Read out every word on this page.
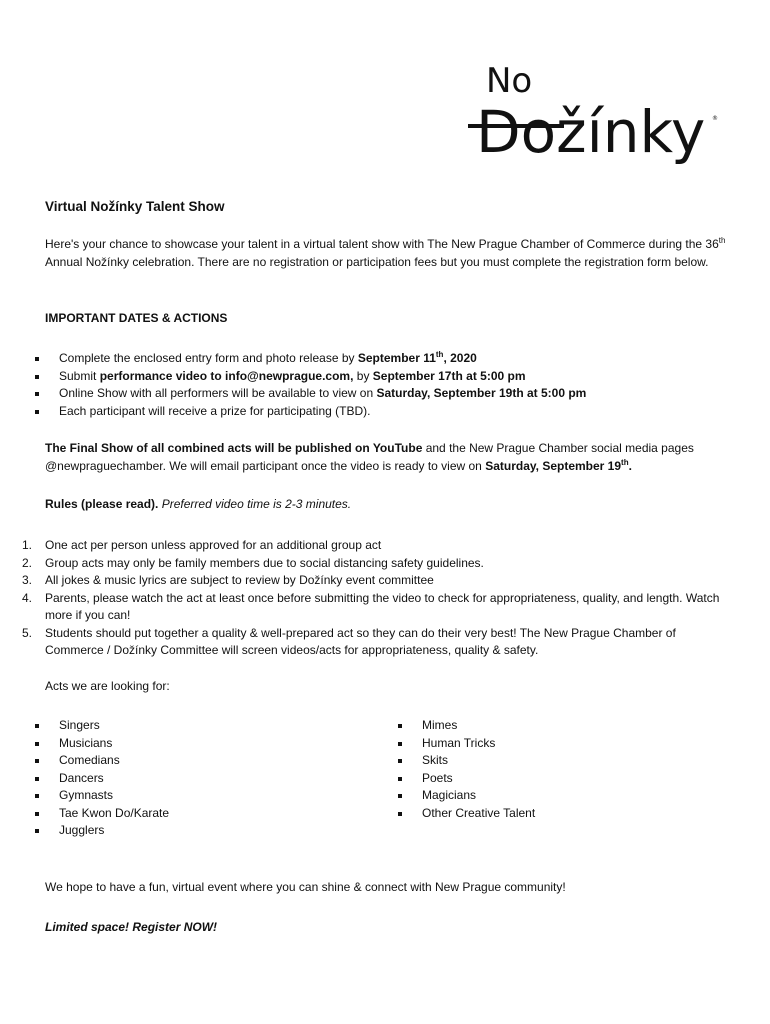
No
Dožínky ®
Virtual Nožínky Talent Show
Here's your chance to showcase your talent in a virtual talent show with The New Prague Chamber of Commerce during the 36th Annual Nožínky celebration. There are no registration or participation fees but you must complete the registration form below.
IMPORTANT DATES & ACTIONS
Complete the enclosed entry form and photo release by September 11th, 2020
Submit performance video to info@newprague.com, by September 17th at 5:00 pm
Online Show with all performers will be available to view on Saturday, September 19th at 5:00 pm
Each participant will receive a prize for participating (TBD).
The Final Show of all combined acts will be published on YouTube and the New Prague Chamber social media pages @newpraguechamber. We will email participant once the video is ready to view on Saturday, September 19th.
Rules (please read). Preferred video time is 2-3 minutes.
1. One act per person unless approved for an additional group act
2. Group acts may only be family members due to social distancing safety guidelines.
3. All jokes & music lyrics are subject to review by Dožínky event committee
4. Parents, please watch the act at least once before submitting the video to check for appropriateness, quality, and length. Watch more if you can!
5. Students should put together a quality & well-prepared act so they can do their very best! The New Prague Chamber of Commerce / Dožínky Committee will screen videos/acts for appropriateness, quality & safety.
Acts we are looking for:
Singers
Musicians
Comedians
Dancers
Gymnasts
Tae Kwon Do/Karate
Jugglers
Mimes
Human Tricks
Skits
Poets
Magicians
Other Creative Talent
We hope to have a fun, virtual event where you can shine & connect with New Prague community!
Limited space! Register NOW!
